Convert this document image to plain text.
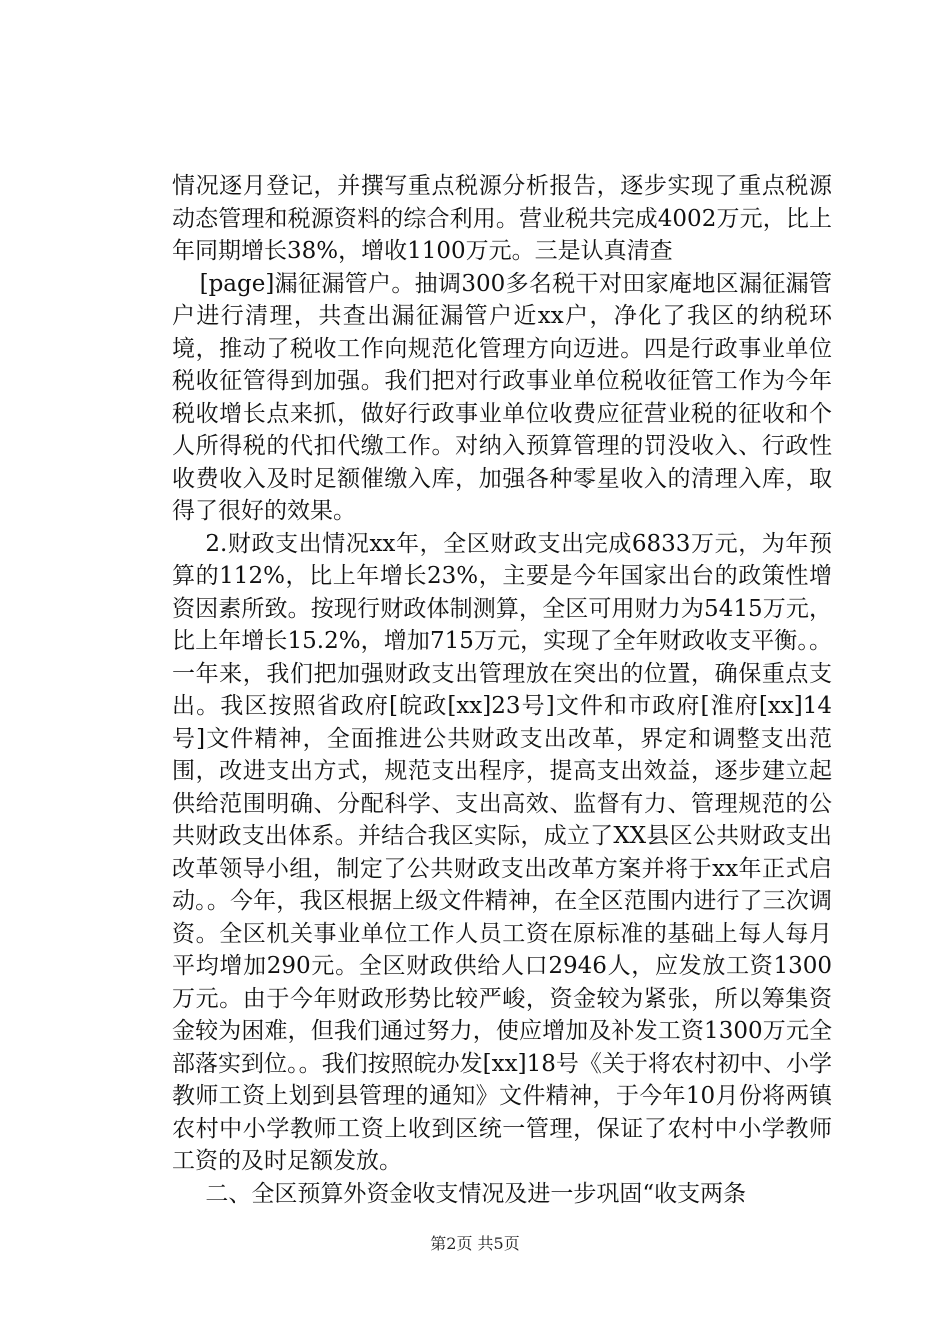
情况逐月登记，并撰写重点税源分析报告，逐步实现了重点税源动态管理和税源资料的综合利用。营业税共完成4002万元，比上年同期增长38%，增收1100万元。三是认真清查

[page]漏征漏管户。抽调300多名税干对田家庵地区漏征漏管户进行清理，共查出漏征漏管户近xx户，净化了我区的纳税环境，推动了税收工作向规范化管理方向迈进。四是行政事业单位税收征管得到加强。我们把对行政事业单位税收征管工作为今年税收增长点来抓，做好行政事业单位收费应征营业税的征收和个人所得税的代扣代缴工作。对纳入预算管理的罚没收入、行政性收费收入及时足额催缴入库，加强各种零星收入的清理入库，取得了很好的效果。

2.财政支出情况xx年，全区财政支出完成6833万元，为年预算的112%，比上年增长23%，主要是今年国家出台的政策性增资因素所致。按现行财政体制测算，全区可用财力为5415万元，比上年增长15.2%，增加715万元，实现了全年财政收支平衡。。一年来，我们把加强财政支出管理放在突出的位置，确保重点支出。我区按照省政府[皖政[xx]23号]文件和市政府[淮府[xx]14号]文件精神，全面推进公共财政支出改革，界定和调整支出范围，改进支出方式，规范支出程序，提高支出效益，逐步建立起供给范围明确、分配科学、支出高效、监督有力、管理规范的公共财政支出体系。并结合我区实际，成立了XX县区公共财政支出改革领导小组，制定了公共财政支出改革方案并将于xx年正式启动。。今年，我区根据上级文件精神，在全区范围内进行了三次调资。全区机关事业单位工作人员工资在原标准的基础上每人每月平均增加290元。全区财政供给人口2946人，应发放工资1300万元。由于今年财政形势比较严峻，资金较为紧张，所以筹集资金较为困难，但我们通过努力，使应增加及补发工资1300万元全部落实到位。。我们按照皖办发[xx]18号《关于将农村初中、小学教师工资上划到县管理的通知》文件精神，于今年10月份将两镇农村中小学教师工资上收到区统一管理，保证了农村中小学教师工资的及时足额发放。

二、全区预算外资金收支情况及进一步巩固“收支两条

第2页 共5页
